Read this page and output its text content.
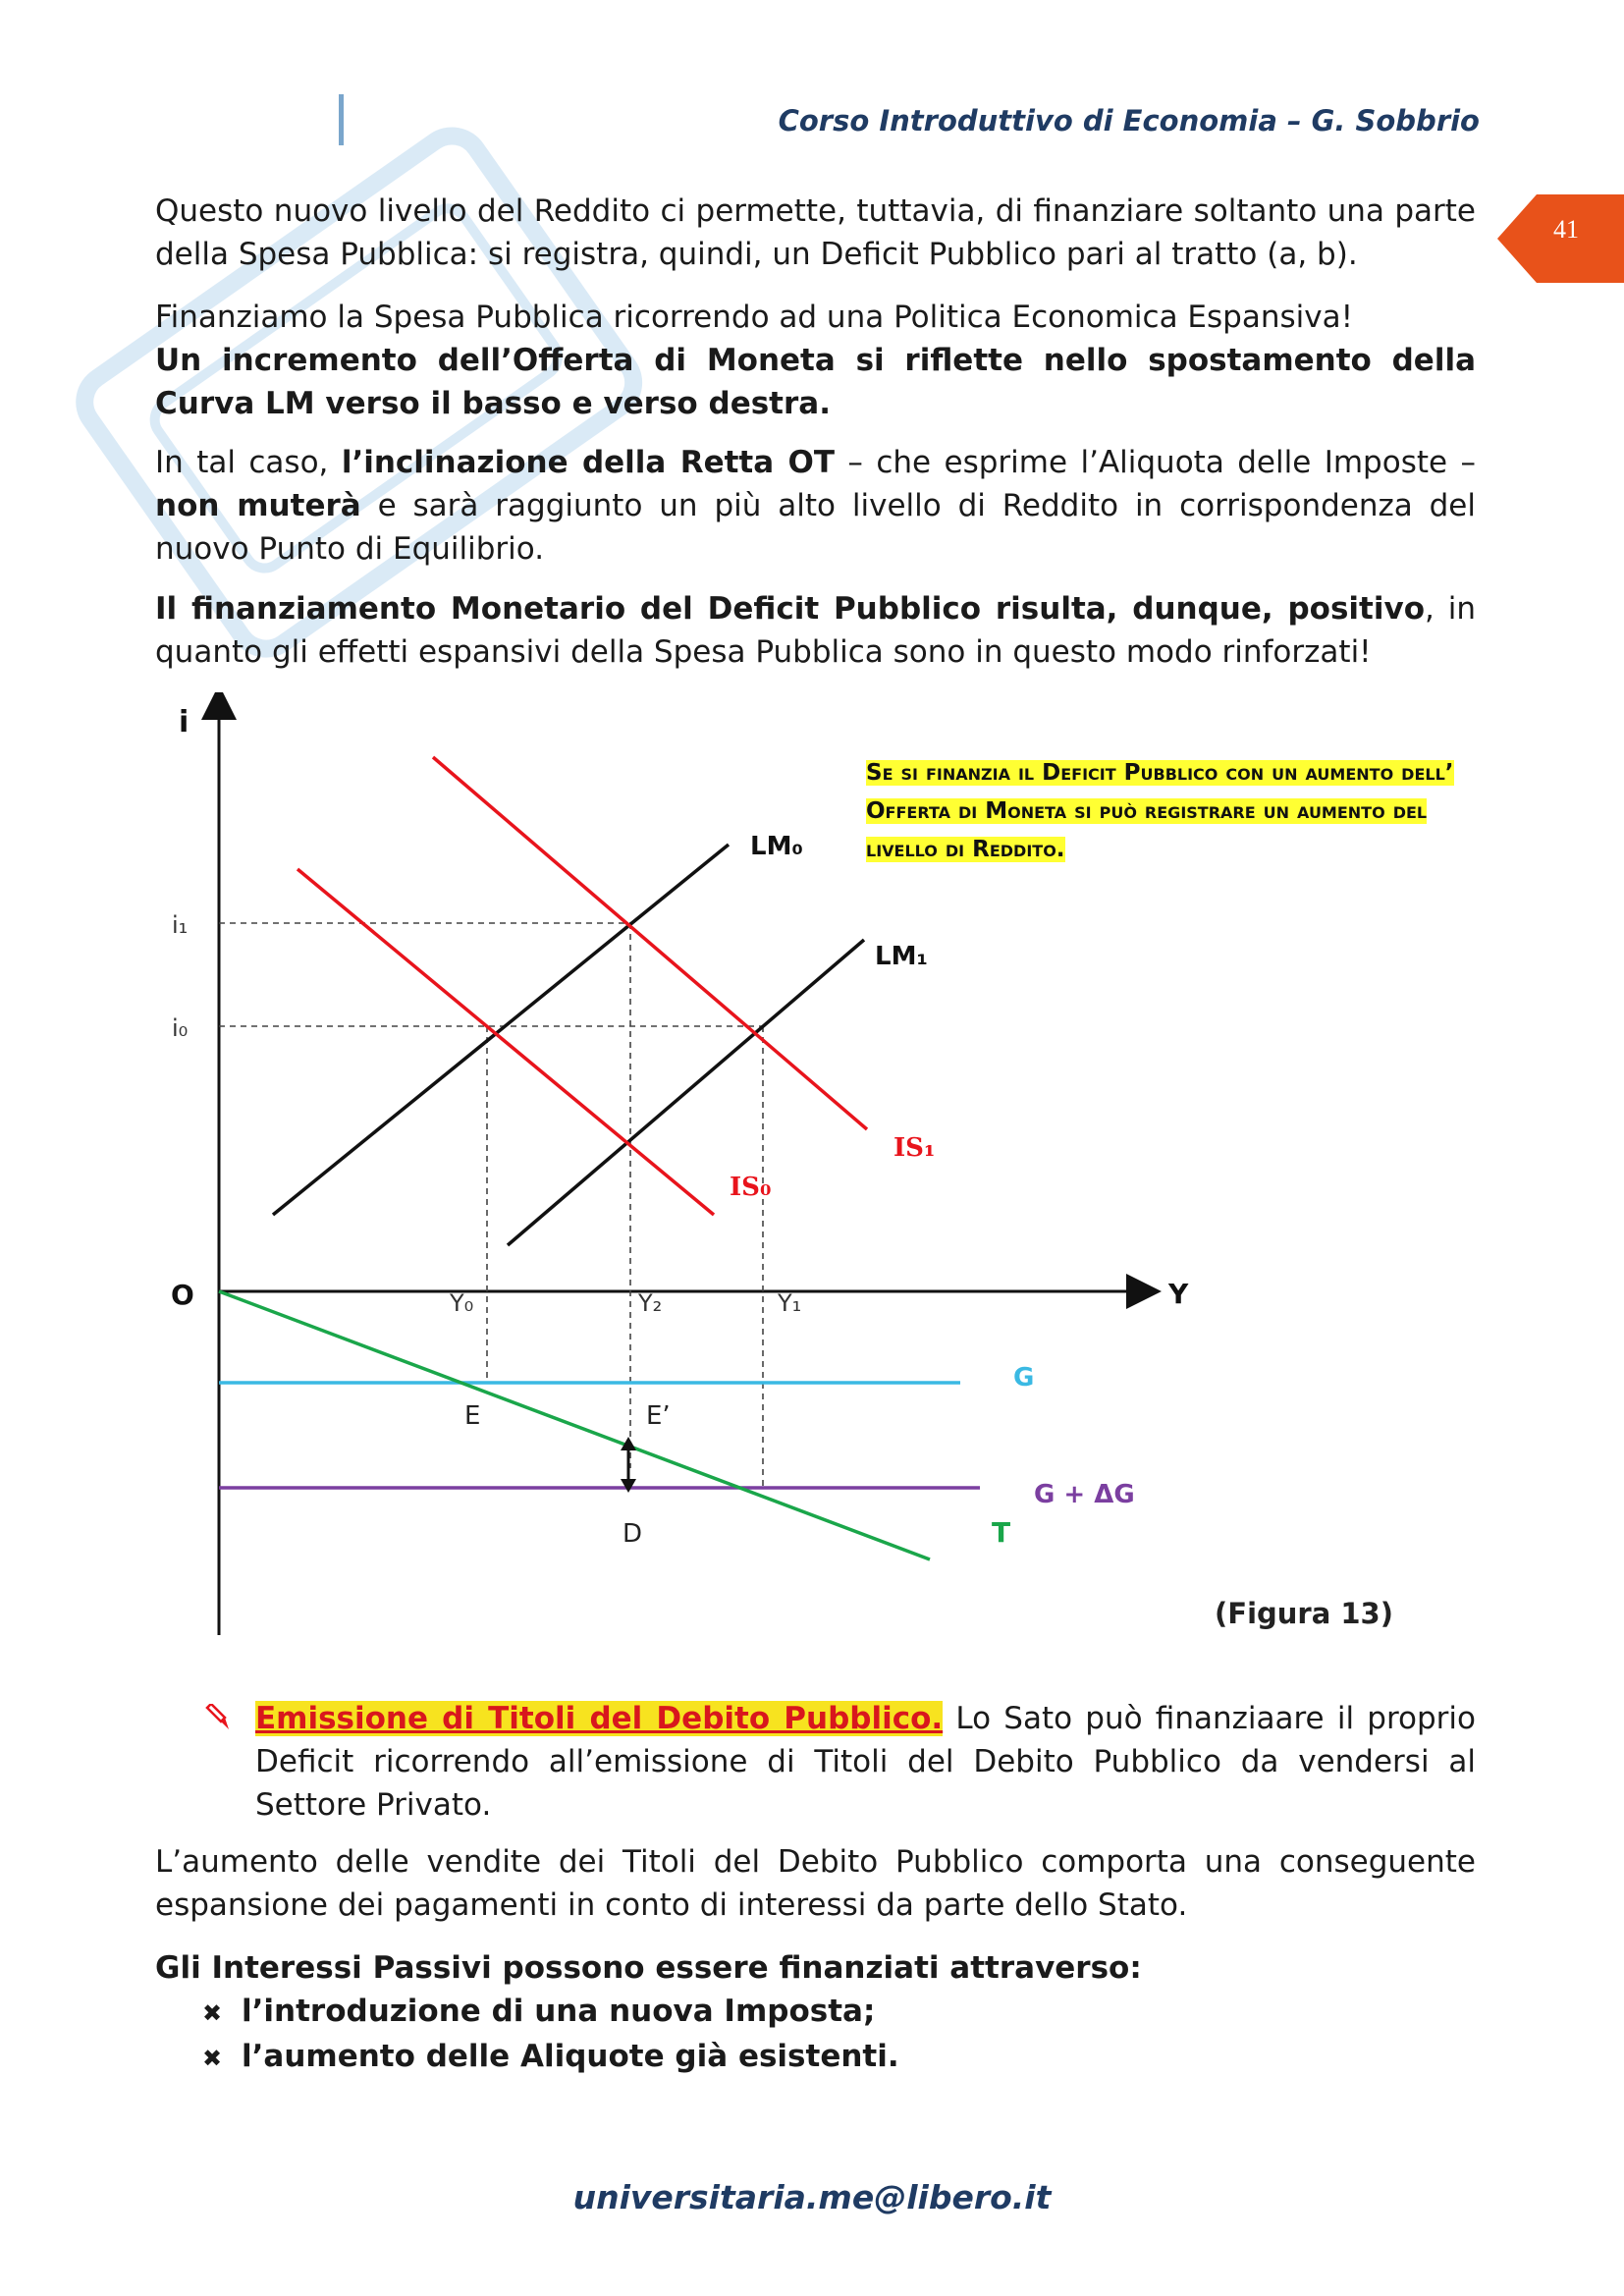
Corso Introduttivo di Economia – G. Sobbrio
41
Questo nuovo livello del Reddito ci permette, tuttavia, di finanziare soltanto una parte della Spesa Pubblica: si registra, quindi, un Deficit Pubblico pari al tratto (a, b).
Finanziamo la Spesa Pubblica ricorrendo ad una Politica Economica Espansiva!
Un incremento dell’Offerta di Moneta si riflette nello spostamento della Curva LM verso il basso e verso destra.
In tal caso, l’inclinazione della Retta OT – che esprime l’Aliquota delle Imposte – non muterà e sarà raggiunto un più alto livello di Reddito in corrispondenza del nuovo Punto di Equilibrio.
Il finanziamento Monetario del Deficit Pubblico risulta, dunque, positivo, in quanto gli effetti espansivi della Spesa Pubblica sono in questo modo rinforzati!
i
i₁
i₀
O	Y
Y₀	Y₂	Y₁
LM₀
LM₁
IS₁
IS₀
G
G + ΔG
T
E	E’
D
(Figura 13)
Se si finanzia il Deficit Pubblico con un aumento dell’ Offerta di Moneta si può registrare un aumento del livello di Reddito.
Emissione di Titoli del Debito Pubblico. Lo Sato può finanziaare il proprio Deficit ricorrendo all’emissione di Titoli del Debito Pubblico da vendersi al Settore Privato.
L’aumento delle vendite dei Titoli del Debito Pubblico comporta una conseguente espansione dei pagamenti in conto di interessi da parte dello Stato.
Gli Interessi Passivi possono essere finanziati attraverso:
✖ l’introduzione di una nuova Imposta;
✖ l’aumento delle Aliquote già esistenti.
universitaria.me@libero.it
